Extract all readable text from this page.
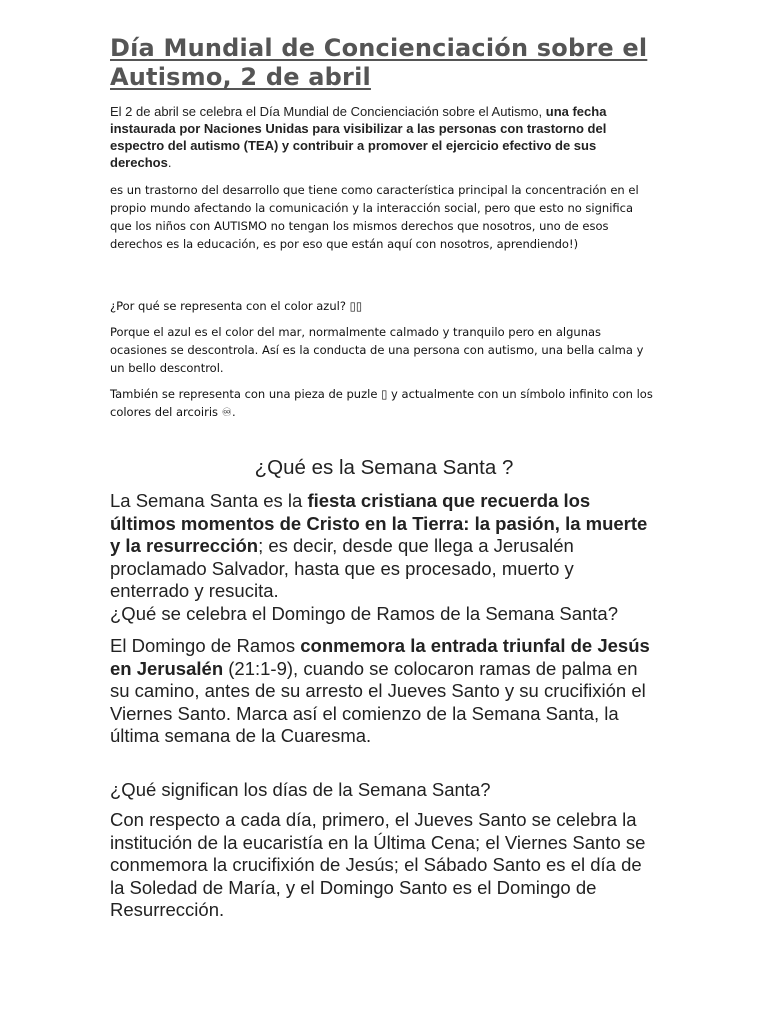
Día Mundial de Concienciación sobre el Autismo, 2 de abril

El 2 de abril se celebra el Día Mundial de Concienciación sobre el Autismo, una fecha instaurada por Naciones Unidas para visibilizar a las personas con trastorno del espectro del autismo (TEA) y contribuir a promover el ejercicio efectivo de sus derechos.

es un trastorno del desarrollo que tiene como característica principal la concentración en el propio mundo afectando la comunicación y la interacción social, pero que esto no significa que los niños con AUTISMO no tengan los mismos derechos que nosotros, uno de esos derechos es la educación, es por eso que están aquí con nosotros, aprendiendo!)

¿Por qué se representa con el color azul? ▯▯

Porque el azul es el color del mar, normalmente calmado y tranquilo pero en algunas ocasiones se descontrola. Así es la conducta de una persona con autismo, una bella calma y un bello descontrol.

También se representa con una pieza de puzle ▯ y actualmente con un símbolo infinito con los colores del arcoiris ♾.

¿Qué es la Semana Santa ?

La Semana Santa es la fiesta cristiana que recuerda los últimos momentos de Cristo en la Tierra: la pasión, la muerte y la resurrección; es decir, desde que llega a Jerusalén proclamado Salvador, hasta que es procesado, muerto y enterrado y resucita.
¿Qué se celebra el Domingo de Ramos de la Semana Santa?

El Domingo de Ramos conmemora la entrada triunfal de Jesús en Jerusalén (21:1-9), cuando se colocaron ramas de palma en su camino, antes de su arresto el Jueves Santo y su crucifixión el Viernes Santo. Marca así el comienzo de la Semana Santa, la última semana de la Cuaresma.

¿Qué significan los días de la Semana Santa?

Con respecto a cada día, primero, el Jueves Santo se celebra la institución de la eucaristía en la Última Cena; el Viernes Santo se conmemora la crucifixión de Jesús; el Sábado Santo es el día de la Soledad de María, y el Domingo Santo es el Domingo de Resurrección.
